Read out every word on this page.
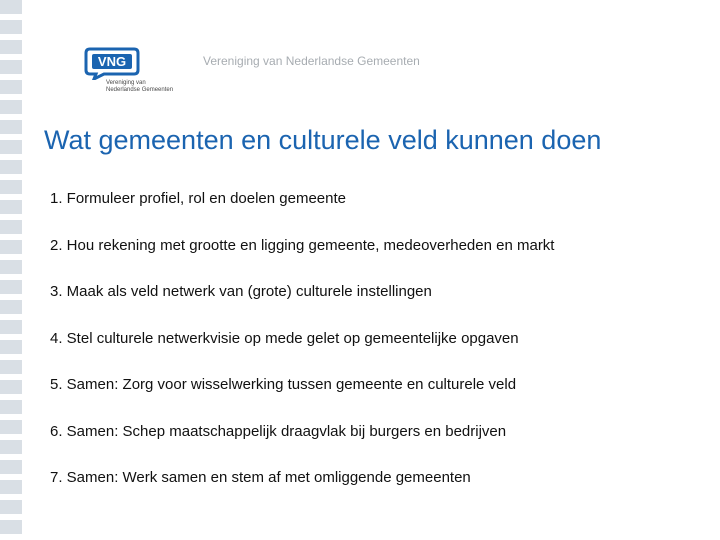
VNG
Vereniging van
Nederlandse Gemeenten
Vereniging van Nederlandse Gemeenten
Wat gemeenten en culturele veld kunnen doen
1. Formuleer profiel, rol en doelen gemeente
2. Hou rekening met grootte en ligging gemeente, medeoverheden en markt
3. Maak als veld netwerk van (grote) culturele instellingen
4. Stel culturele netwerkvisie op mede gelet op gemeentelijke opgaven
5. Samen: Zorg voor wisselwerking tussen gemeente en culturele veld
6. Samen: Schep maatschappelijk draagvlak bij burgers en bedrijven
7. Samen: Werk samen en stem af met omliggende gemeenten
